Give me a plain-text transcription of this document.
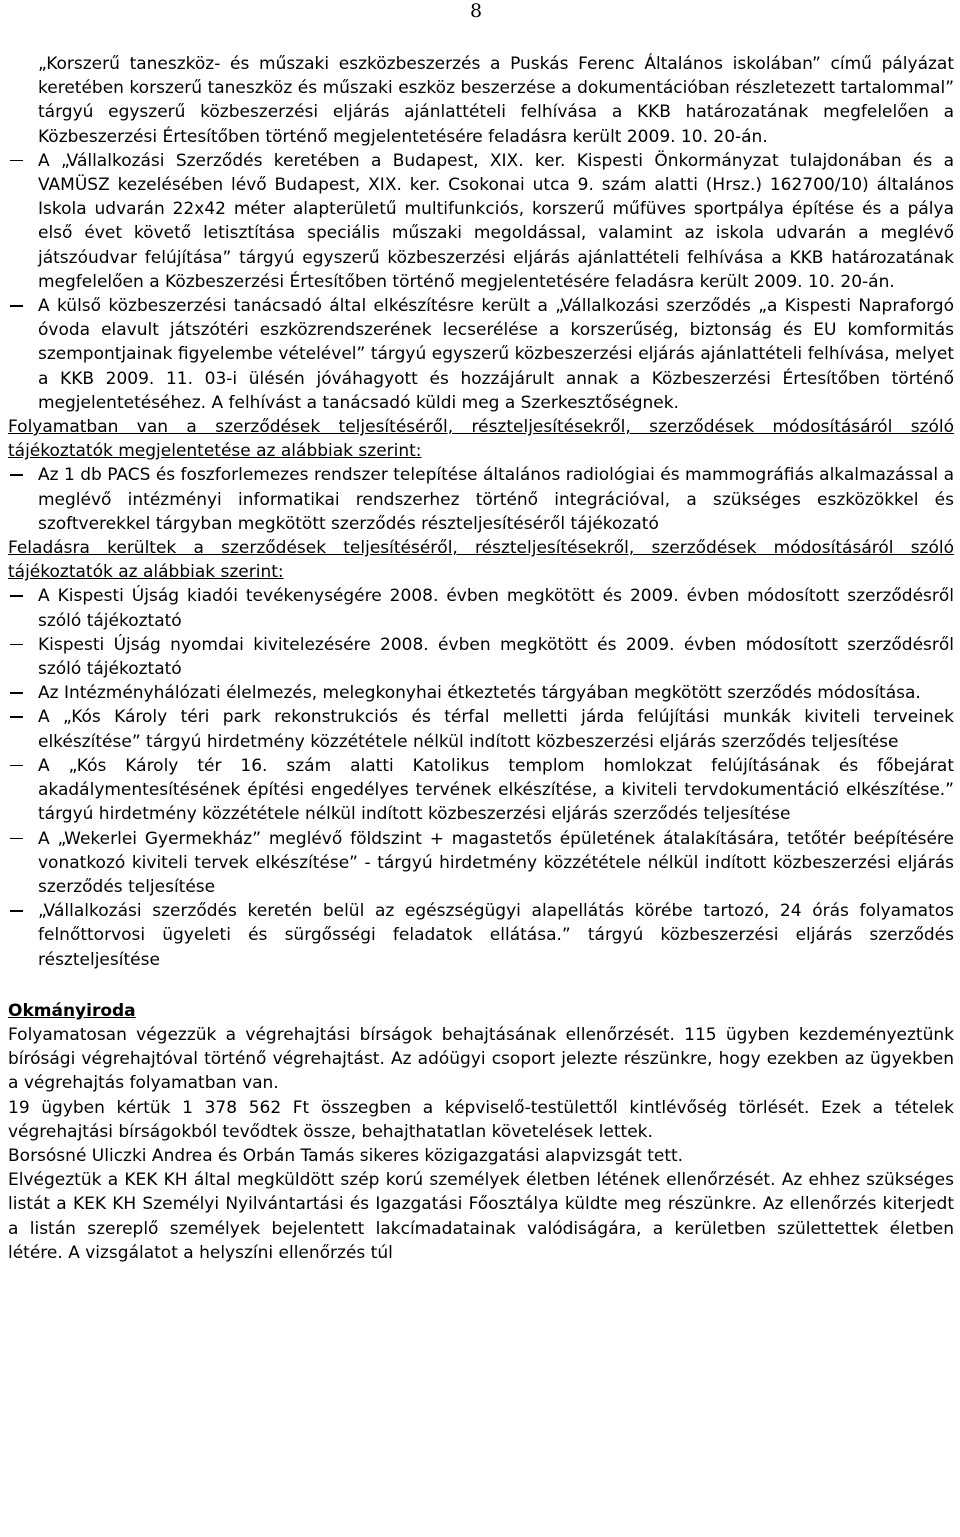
8

„Korszerű taneszköz- és műszaki eszközbeszerzés a Puskás Ferenc Általános iskolában” című pályázat keretében korszerű taneszköz és műszaki eszköz beszerzése a dokumentációban részletezett tartalommal” tárgyú egyszerű közbeszerzési eljárás ajánlattételi felhívása a KKB határozatának megfelelően a Közbeszerzési Értesítőben történő megjelentetésére feladásra került 2009. 10. 20-án.

A „Vállalkozási Szerződés keretében a Budapest, XIX. ker. Kispesti Önkormányzat tulajdonában és a VAMÜSZ kezelésében lévő Budapest, XIX. ker. Csokonai utca 9. szám alatti (Hrsz.) 162700/10) általános Iskola udvarán 22x42 méter alapterületű multifunkciós, korszerű műfüves sportpálya építése és a pálya első évet követő letisztítása speciális műszaki megoldással, valamint az iskola udvarán a meglévő játszóudvar felújítása” tárgyú egyszerű közbeszerzési eljárás ajánlattételi felhívása a KKB határozatának megfelelően a Közbeszerzési Értesítőben történő megjelentetésére feladásra került 2009. 10. 20-án.

A külső közbeszerzési tanácsadó által elkészítésre került a „Vállalkozási szerződés „a Kispesti Napraforgó óvoda elavult játszótéri eszközrendszerének lecserélése a korszerűség, biztonság és EU komformitás szempontjainak figyelembe vételével” tárgyú egyszerű közbeszerzési eljárás ajánlattételi felhívása, melyet a KKB 2009. 11. 03-i ülésén jóváhagyott és hozzájárult annak a Közbeszerzési Értesítőben történő megjelentetéséhez. A felhívást a tanácsadó küldi meg a Szerkesztőségnek.

Folyamatban van a szerződések teljesítéséről, részteljesítésekről, szerződések módosításáról szóló tájékoztatók megjelentetése az alábbiak szerint:

Az 1 db PACS és foszforlemezes rendszer telepítése általános radiológiai és mammográfiás alkalmazással a meglévő intézményi informatikai rendszerhez történő integrációval, a szükséges eszközökkel és szoftverekkel tárgyban megkötött szerződés részteljesítéséről tájékozató

Feladásra kerültek a szerződések teljesítéséről, részteljesítésekről, szerződések módosításáról szóló tájékoztatók az alábbiak szerint:

A Kispesti Újság kiadói tevékenységére 2008. évben megkötött és 2009. évben módosított szerződésről szóló tájékoztató

Kispesti Újság nyomdai kivitelezésére 2008. évben megkötött és 2009. évben módosított szerződésről szóló tájékoztató

Az Intézményhálózati élelmezés, melegkonyhai étkeztetés tárgyában megkötött szerződés módosítása.

A „Kós Károly téri park rekonstrukciós és térfal melletti járda felújítási munkák kiviteli terveinek elkészítése” tárgyú hirdetmény közzététele nélkül indított közbeszerzési eljárás szerződés teljesítése

A „Kós Károly tér 16. szám alatti Katolikus templom homlokzat felújításának és főbejárat akadálymentesítésének építési engedélyes tervének elkészítése, a kiviteli tervdokumentáció elkészítése.” tárgyú hirdetmény közzététele nélkül indított közbeszerzési eljárás szerződés teljesítése

A „Wekerlei Gyermekház” meglévő földszint + magastetős épületének átalakítására, tetőtér beépítésére vonatkozó kiviteli tervek elkészítése” - tárgyú hirdetmény közzététele nélkül indított közbeszerzési eljárás szerződés teljesítése

„Vállalkozási szerződés keretén belül az egészségügyi alapellátás körébe tartozó, 24 órás folyamatos felnőttorvosi ügyeleti és sürgősségi feladatok ellátása.” tárgyú közbeszerzési eljárás szerződés részteljesítése

Okmányiroda

Folyamatosan végezzük a végrehajtási bírságok behajtásának ellenőrzését. 115 ügyben kezdeményeztünk bírósági végrehajtóval történő végrehajtást. Az adóügyi csoport jelezte részünkre, hogy ezekben az ügyekben a végrehajtás folyamatban van.

19 ügyben kértük 1 378 562 Ft összegben a képviselő-testülettől kintlévőség törlését. Ezek a tételek végrehajtási bírságokból tevődtek össze, behajthatatlan követelések lettek.

Borsósné Uliczki Andrea és Orbán Tamás sikeres közigazgatási alapvizsgát tett.

Elvégeztük a KEK KH által megküldött szép korú személyek életben létének ellenőrzését. Az ehhez szükséges listát a KEK KH Személyi Nyilvántartási és Igazgatási Főosztálya küldte meg részünkre. Az ellenőrzés kiterjedt a listán szereplő személyek bejelentett lakcímadatainak valódiságára, a kerületben születtettek életben létére. A vizsgálatot a helyszíni ellenőrzés túl
